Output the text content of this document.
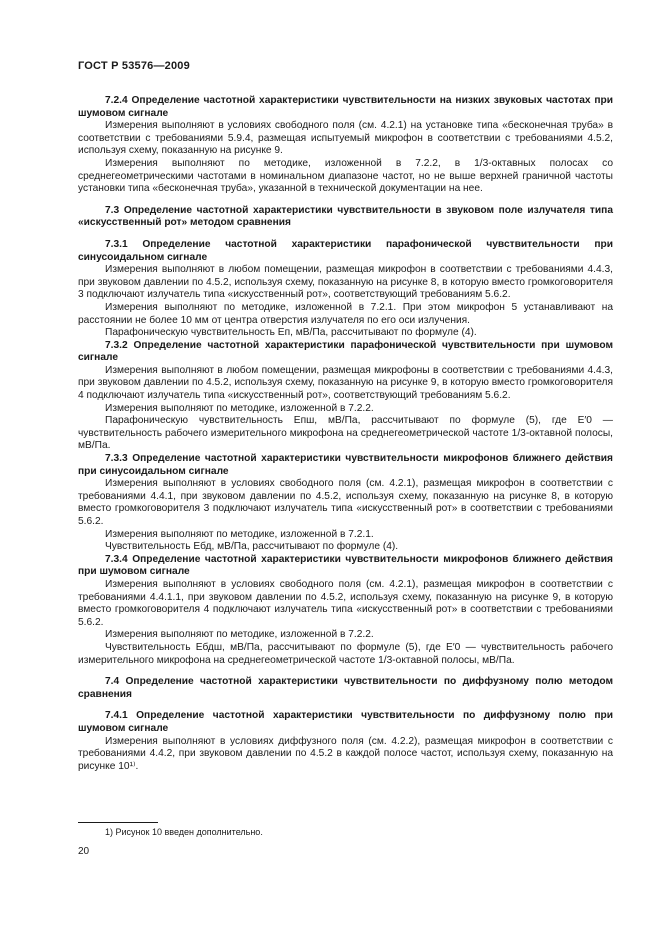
ГОСТ Р 53576—2009

7.2.4 Определение частотной характеристики чувствительности на низких звуковых частотах при шумовом сигнале

Измерения выполняют в условиях свободного поля (см. 4.2.1) на установке типа «бесконечная труба» в соответствии с требованиями 5.9.4, размещая испытуемый микрофон в соответствии с требованиями 4.5.2, используя схему, показанную на рисунке 9.

Измерения выполняют по методике, изложенной в 7.2.2, в 1/3-октавных полосах со среднегеометрическими частотами в номинальном диапазоне частот, но не выше верхней граничной частоты установки типа «бесконечная труба», указанной в технической документации на нее.

7.3 Определение частотной характеристики чувствительности в звуковом поле излучателя типа «искусственный рот» методом сравнения

7.3.1 Определение частотной характеристики парафонической чувствительности при синусоидальном сигнале

Измерения выполняют в любом помещении, размещая микрофон в соответствии с требованиями 4.4.3, при звуковом давлении по 4.5.2, используя схему, показанную на рисунке 8, в которую вместо громкоговорителя 3 подключают излучатель типа «искусственный рот», соответствующий требованиям 5.6.2.

Измерения выполняют по методике, изложенной в 7.2.1. При этом микрофон 5 устанавливают на расстоянии не более 10 мм от центра отверстия излучателя по его оси излучения.

Парафоническую чувствительность Eп, мВ/Па, рассчитывают по формуле (4).

7.3.2 Определение частотной характеристики парафонической чувствительности при шумовом сигнале

Измерения выполняют в любом помещении, размещая микрофоны в соответствии с требованиями 4.4.3, при звуковом давлении по 4.5.2, используя схему, показанную на рисунке 9, в которую вместо громкоговорителя 4 подключают излучатель типа «искусственный рот», соответствующий требованиям 5.6.2.

Измерения выполняют по методике, изложенной в 7.2.2.

Парафоническую чувствительность Eпш, мВ/Па, рассчитывают по формуле (5), где E′0 — чувствительность рабочего измерительного микрофона на среднегеометрической частоте 1/3-октавной полосы, мВ/Па.

7.3.3 Определение частотной характеристики чувствительности микрофонов ближнего действия при синусоидальном сигнале

Измерения выполняют в условиях свободного поля (см. 4.2.1), размещая микрофон в соответствии с требованиями 4.4.1, при звуковом давлении по 4.5.2, используя схему, показанную на рисунке 8, в которую вместо громкоговорителя 3 подключают излучатель типа «искусственный рот» в соответствии с требованиями 5.6.2.

Измерения выполняют по методике, изложенной в 7.2.1.

Чувствительность Eбд, мВ/Па, рассчитывают по формуле (4).

7.3.4 Определение частотной характеристики чувствительности микрофонов ближнего действия при шумовом сигнале

Измерения выполняют в условиях свободного поля (см. 4.2.1), размещая микрофон в соответствии с требованиями 4.4.1.1, при звуковом давлении по 4.5.2, используя схему, показанную на рисунке 9, в которую вместо громкоговорителя 4 подключают излучатель типа «искусственный рот» в соответствии с требованиями 5.6.2.

Измерения выполняют по методике, изложенной в 7.2.2.

Чувствительность Eбдш, мВ/Па, рассчитывают по формуле (5), где E′0 — чувствительность рабочего измерительного микрофона на среднегеометрической частоте 1/3-октавной полосы, мВ/Па.

7.4 Определение частотной характеристики чувствительности по диффузному полю методом сравнения

7.4.1 Определение частотной характеристики чувствительности по диффузному полю при шумовом сигнале

Измерения выполняют в условиях диффузного поля (см. 4.2.2), размещая микрофон в соответствии с требованиями 4.4.2, при звуковом давлении по 4.5.2 в каждой полосе частот, используя схему, показанную на рисунке 10¹⁾.

1) Рисунок 10 введен дополнительно.
20
